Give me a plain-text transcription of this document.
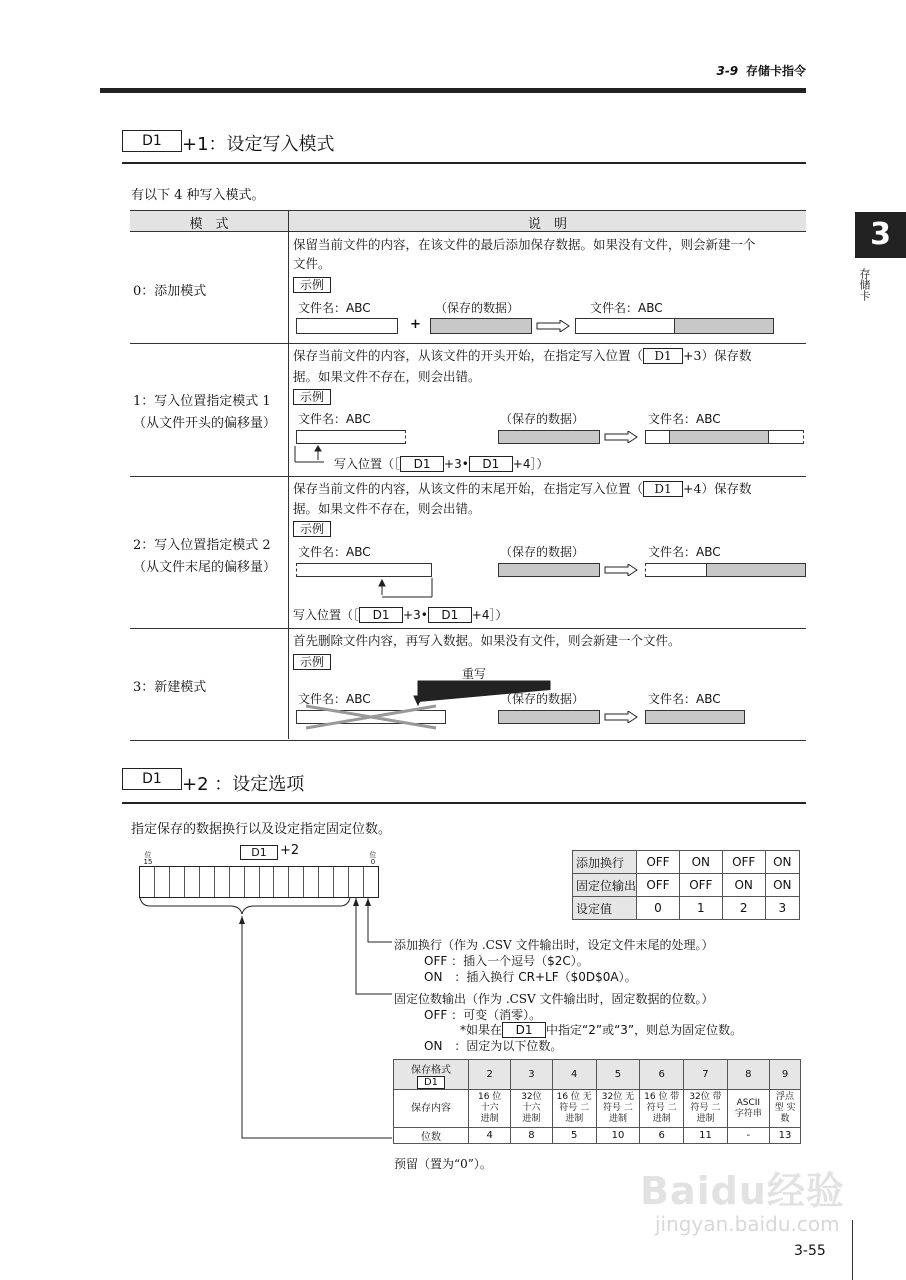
3-9 存储卡指令
3
存储卡
D1	+1：设定写入模式
有以下 4 种写入模式。
模　式	说　明
0：添加模式
保留当前文件的内容，在该文件的最后添加保存数据。如果没有文件，则会新建一个
文件。
示例
文件名：ABC	（保存的数据）	文件名：ABC
+
1：写入位置指定模式 1
（从文件开头的偏移量）
保存当前文件的内容，从该文件的开头开始，在指定写入位置（ D1 +3）保存数
据。如果文件不存在，则会出错。
示例
文件名：ABC	（保存的数据）	文件名：ABC
写入位置（［ D1 +3• D1 +4］）
2：写入位置指定模式 2
（从文件末尾的偏移量）
保存当前文件的内容，从该文件的末尾开始，在指定写入位置（ D1 +4）保存数
据。如果文件不存在，则会出错。
示例
文件名：ABC	（保存的数据）	文件名：ABC
写入位置（［ D1 +3• D1 +4］）
3：新建模式
首先删除文件内容，再写入数据。如果没有文件，则会新建一个文件。
示例
重写
文件名：ABC	（保存的数据）	文件名：ABC
D1	+2 ：设定选项
指定保存的数据换行以及设定指定固定位数。
位 15
位 0
D1	+2
添加换行	OFF	ON	OFF	ON
固定位输出	OFF	OFF	ON	ON
设定值	0	1	2	3
添加换行（作为 .CSV 文件输出时，设定文件末尾的处理。）
OFF ：插入一个逗号（$2C）。
ON　：插入换行 CR+LF（$0D$0A）。
固定位数输出（作为 .CSV 文件输出时，固定数据的位数。）
OFF ：可变（消零）。
*如果在 D1 中指定“2”或“3”，则总为固定位数。
ON　：固定为以下位数。
保存格式
D1	2	3	4	5	6	7	8	9
保存内容	16 位 十六 进制	32位 十六 进制	16 位 无符号 二进制	32位 无符号 二进制	16 位 带符号 二进制	32位 带符号 二进制	ASCII 字符串	浮点型 实数
位数	4	8	5	10	6	11	-	13
预留（置为“0”）。
Baidu经验
jingyan.baidu.com
3-55
